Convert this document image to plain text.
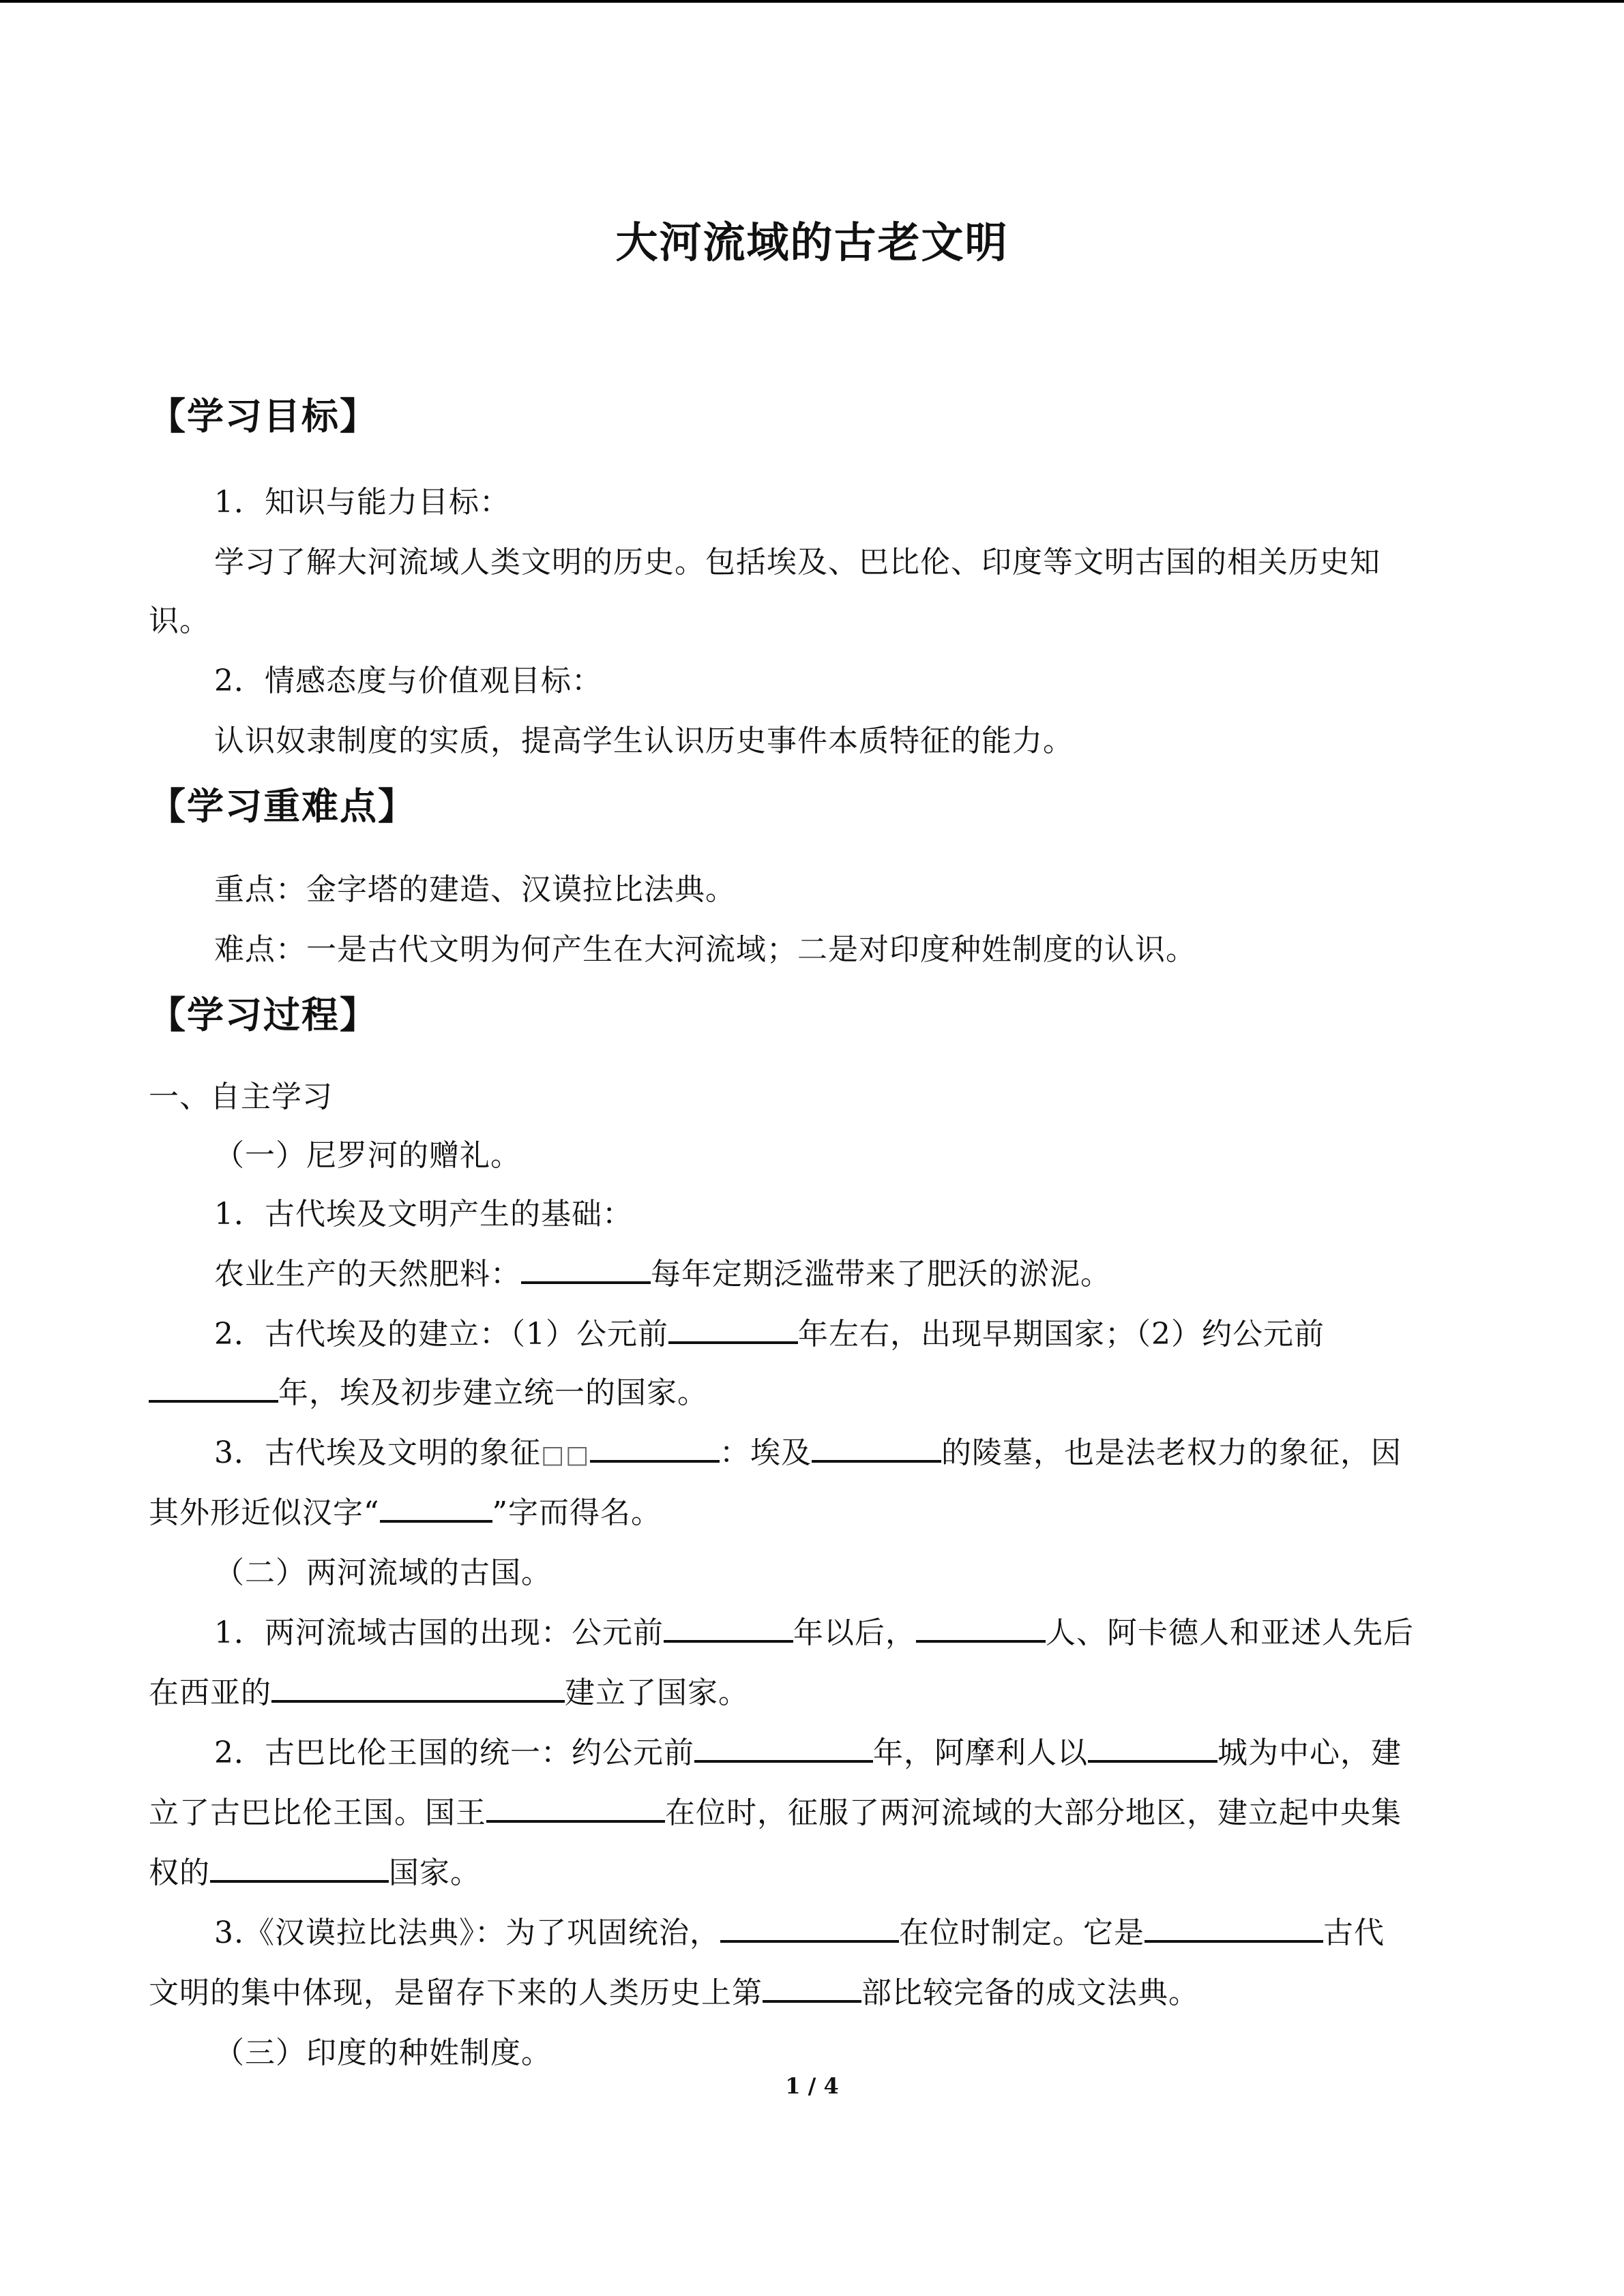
大河流域的古老文明
【学习目标】
1．知识与能力目标：
学习了解大河流域人类文明的历史。包括埃及、巴比伦、印度等文明古国的相关历史知
识。
2．情感态度与价值观目标：
认识奴隶制度的实质，提高学生认识历史事件本质特征的能力。
【学习重难点】
重点：金字塔的建造、汉谟拉比法典。
难点：一是古代文明为何产生在大河流域；二是对印度种姓制度的认识。
【学习过程】
一、自主学习
（一）尼罗河的赠礼。
1．古代埃及文明产生的基础：
农业生产的天然肥料：	每年定期泛滥带来了肥沃的淤泥。
2．古代埃及的建立：（1）公元前	年左右，出现早期国家；（2）约公元前
年，埃及初步建立统一的国家。
3．古代埃及文明的象征□□	：埃及	的陵墓，也是法老权力的象征，因
其外形近似汉字“	”字而得名。
（二）两河流域的古国。
1．两河流域古国的出现：公元前	年以后，	人、阿卡德人和亚述人先后
在西亚的	建立了国家。
2．古巴比伦王国的统一：约公元前	年，阿摩利人以	城为中心，建
立了古巴比伦王国。国王	在位时，征服了两河流域的大部分地区，建立起中央集
权的	国家。
3.《汉谟拉比法典》：为了巩固统治，	在位时制定。它是	古代
文明的集中体现，是留存下来的人类历史上第	部比较完备的成文法典。
（三）印度的种姓制度。
1 / 4
